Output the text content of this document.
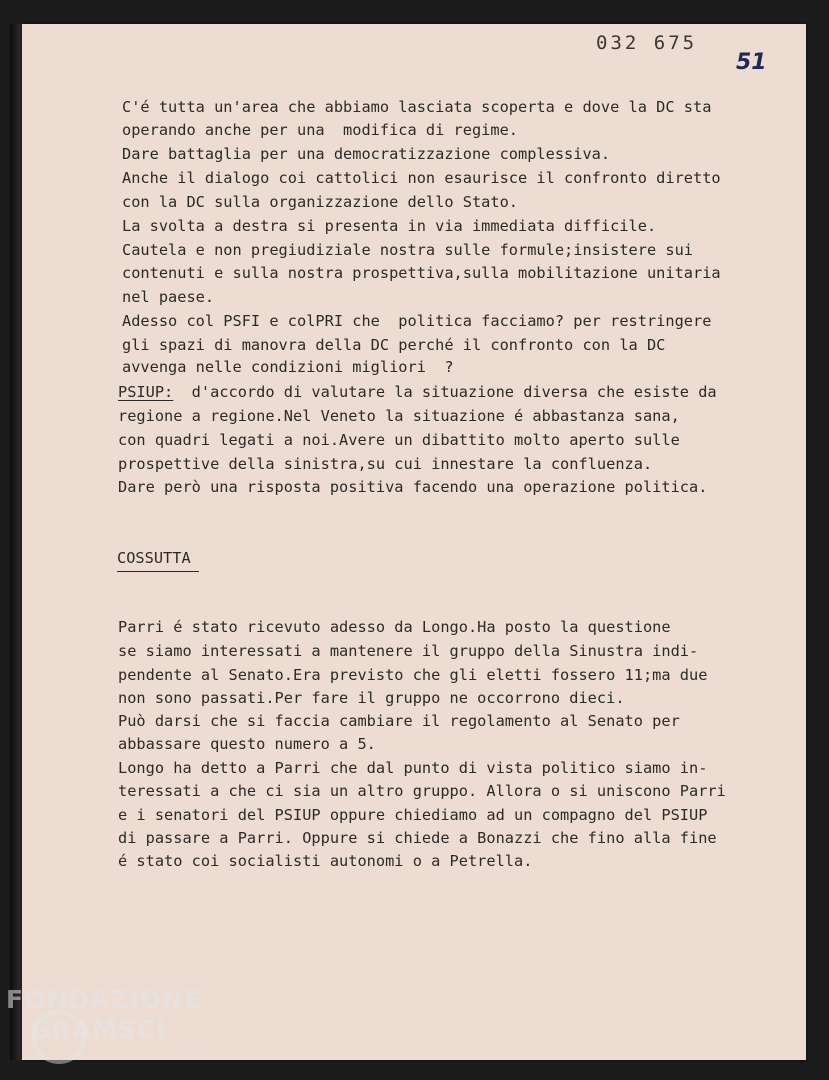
032 675
51
C'é tutta un'area che abbiamo lasciata scoperta e dove la DC sta
operando anche per una  modifica di regime.
Dare battaglia per una democratizzazione complessiva.
Anche il dialogo coi cattolici non esaurisce il confronto diretto
con la DC sulla organizzazione dello Stato.
La svolta a destra si presenta in via immediata difficile.
Cautela e non pregiudiziale nostra sulle formule;insistere sui
contenuti e sulla nostra prospettiva,sulla mobilitazione unitaria
nel paese.
Adesso col PSFI e colPRI che  politica facciamo? per restringere
gli spazi di manovra della DC perché il confronto con la DC
avvenga nelle condizioni migliori  ?
PSIUP:  d'accordo di valutare la situazione diversa che esiste da
regione a regione.Nel Veneto la situazione é abbastanza sana,
con quadri legati a noi.Avere un dibattito molto aperto sulle
prospettive della sinistra,su cui innestare la confluenza.
Dare però una risposta positiva facendo una operazione politica.
COSSUTTA
Parri é stato ricevuto adesso da Longo.Ha posto la questione
se siamo interessati a mantenere il gruppo della Sinustra indi-
pendente al Senato.Era previsto che gli eletti fossero 11;ma due
non sono passati.Per fare il gruppo ne occorrono dieci.
Può darsi che si faccia cambiare il regolamento al Senato per
abbassare questo numero a 5.
Longo ha detto a Parri che dal punto di vista politico siamo in-
teressati a che ci sia un altro gruppo. Allora o si uniscono Parri
e i senatori del PSIUP oppure chiediamo ad un compagno del PSIUP
di passare a Parri. Oppure si chiede a Bonazzi che fino alla fine
é stato coi socialisti autonomi o a Petrella.
FONDAZIONE
GRAMSCI
onlus
